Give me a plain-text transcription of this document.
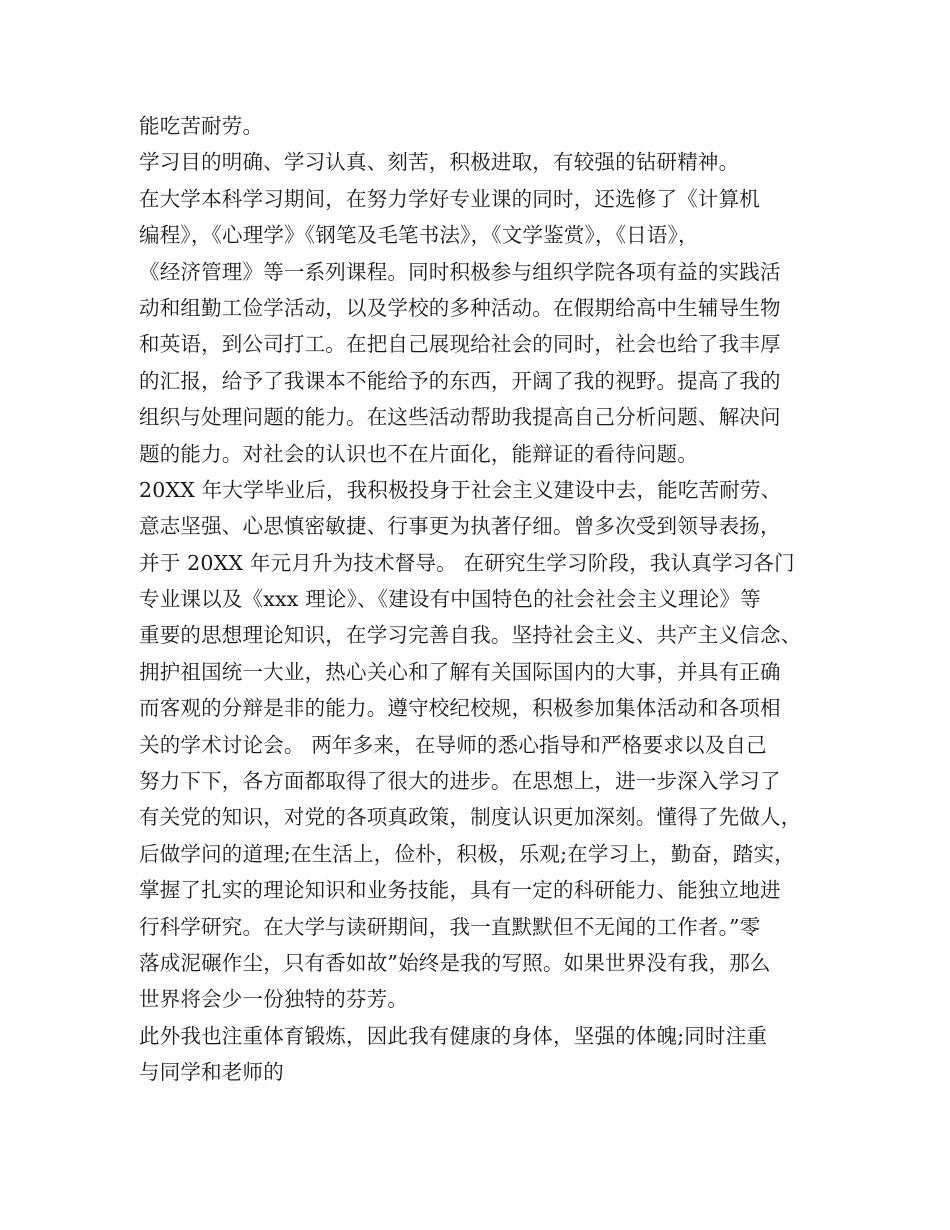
能吃苦耐劳。
学习目的明确、学习认真、刻苦，积极进取，有较强的钻研精神。
在大学本科学习期间，在努力学好专业课的同时，还选修了《计算机
编程》，《心理学》《钢笔及毛笔书法》，《文学鉴赏》，《日语》，
《经济管理》等一系列课程。同时积极参与组织学院各项有益的实践活
动和组勤工俭学活动，以及学校的多种活动。在假期给高中生辅导生物
和英语，到公司打工。在把自己展现给社会的同时，社会也给了我丰厚
的汇报，给予了我课本不能给予的东西，开阔了我的视野。提高了我的
组织与处理问题的能力。在这些活动帮助我提高自己分析问题、解决问
题的能力。对社会的认识也不在片面化，能辩证的看待问题。
20XX 年大学毕业后，我积极投身于社会主义建设中去，能吃苦耐劳、
意志坚强、心思慎密敏捷、行事更为执著仔细。曾多次受到领导表扬，
并于 20XX 年元月升为技术督导。 在研究生学习阶段，我认真学习各门
专业课以及《xxx 理论》、《建设有中国特色的社会社会主义理论》等
重要的思想理论知识，在学习完善自我。坚持社会主义、共产主义信念、
拥护祖国统一大业，热心关心和了解有关国际国内的大事，并具有正确
而客观的分辩是非的能力。遵守校纪校规，积极参加集体活动和各项相
关的学术讨论会。 两年多来，在导师的悉心指导和严格要求以及自己
努力下下，各方面都取得了很大的进步。在思想上，进一步深入学习了
有关党的知识，对党的各项真政策，制度认识更加深刻。懂得了先做人，
后做学问的道理;在生活上，俭朴，积极，乐观;在学习上，勤奋，踏实，
掌握了扎实的理论知识和业务技能，具有一定的科研能力、能独立地进
行科学研究。在大学与读研期间，我一直默默但不无闻的工作者。”零
落成泥碾作尘，只有香如故”始终是我的写照。如果世界没有我，那么
世界将会少一份独特的芬芳。
此外我也注重体育锻炼，因此我有健康的身体，坚强的体魄;同时注重
与同学和老师的
